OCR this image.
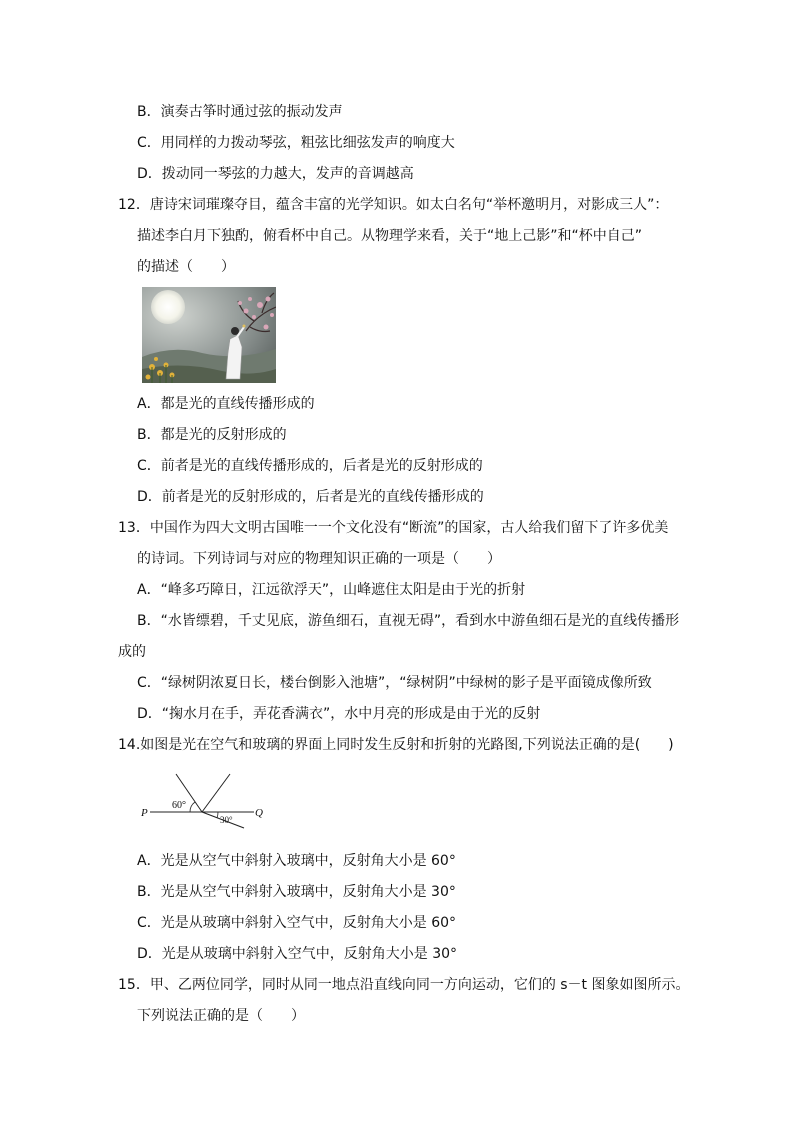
B．演奏古筝时通过弦的振动发声
C．用同样的力拨动琴弦，粗弦比细弦发声的响度大
D．拨动同一琴弦的力越大，发声的音调越高
12．唐诗宋词璀璨夺目，蕴含丰富的光学知识。如太白名句“举杯邀明月，对影成三人”：
描述李白月下独酌，俯看杯中自己。从物理学来看，关于“地上己影”和“杯中自己”
的描述（　　）
A．都是光的直线传播形成的
B．都是光的反射形成的
C．前者是光的直线传播形成的，后者是光的反射形成的
D．前者是光的反射形成的，后者是光的直线传播形成的
13．中国作为四大文明古国唯一一个文化没有“断流”的国家，古人给我们留下了许多优美
的诗词。下列诗词与对应的物理知识正确的一项是（　　）
A．“峰多巧障日，江远欲浮天”，山峰遮住太阳是由于光的折射
B．“水皆缥碧，千丈见底，游鱼细石，直视无碍”，看到水中游鱼细石是光的直线传播形
成的
C．“绿树阴浓夏日长，楼台倒影入池塘”，“绿树阴”中绿树的影子是平面镜成像所致
D．“掬水月在手，弄花香满衣”，水中月亮的形成是由于光的反射
14.如图是光在空气和玻璃的界面上同时发生反射和折射的光路图,下列说法正确的是(　　)
P	Q
60°
30°
A．光是从空气中斜射入玻璃中，反射角大小是 60°
B．光是从空气中斜射入玻璃中，反射角大小是 30°
C．光是从玻璃中斜射入空气中，反射角大小是 60°
D．光是从玻璃中斜射入空气中，反射角大小是 30°
15．甲、乙两位同学，同时从同一地点沿直线向同一方向运动，它们的 s－t 图象如图所示。
下列说法正确的是（　　）
